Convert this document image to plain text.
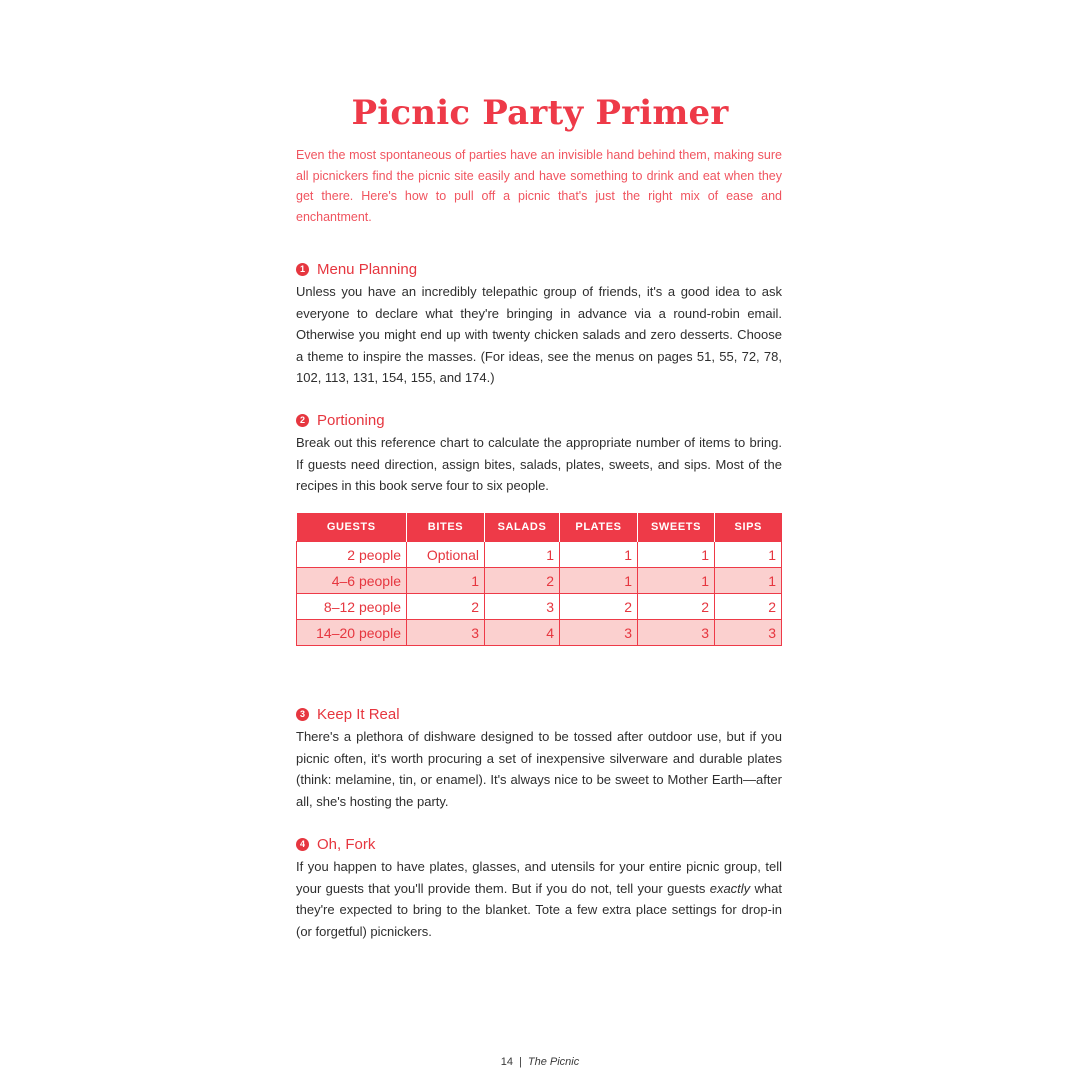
Picnic Party Primer

Even the most spontaneous of parties have an invisible hand behind them, making sure all picnickers find the picnic site easily and have something to drink and eat when they get there. Here's how to pull off a picnic that's just the right mix of ease and enchantment.

1 Menu Planning

Unless you have an incredibly telepathic group of friends, it's a good idea to ask everyone to declare what they're bringing in advance via a round-robin email. Otherwise you might end up with twenty chicken salads and zero desserts. Choose a theme to inspire the masses. (For ideas, see the menus on pages 51, 55, 72, 78, 102, 113, 131, 154, 155, and 174.)

2 Portioning

Break out this reference chart to calculate the appropriate number of items to bring. If guests need direction, assign bites, salads, plates, sweets, and sips. Most of the recipes in this book serve four to six people.

GUESTS	BITES	SALADS	PLATES	SWEETS	SIPS
2 people	Optional	1	1	1	1
4–6 people	1	2	1	1	1
8–12 people	2	3	2	2	2
14–20 people	3	4	3	3	3
3 Keep It Real

There's a plethora of dishware designed to be tossed after outdoor use, but if you picnic often, it's worth procuring a set of inexpensive silverware and durable plates (think: melamine, tin, or enamel). It's always nice to be sweet to Mother Earth—after all, she's hosting the party.

4 Oh, Fork

If you happen to have plates, glasses, and utensils for your entire picnic group, tell your guests that you'll provide them. But if you do not, tell your guests exactly what they're expected to bring to the blanket. Tote a few extra place settings for drop-in (or forgetful) picnickers.

14 | The Picnic
